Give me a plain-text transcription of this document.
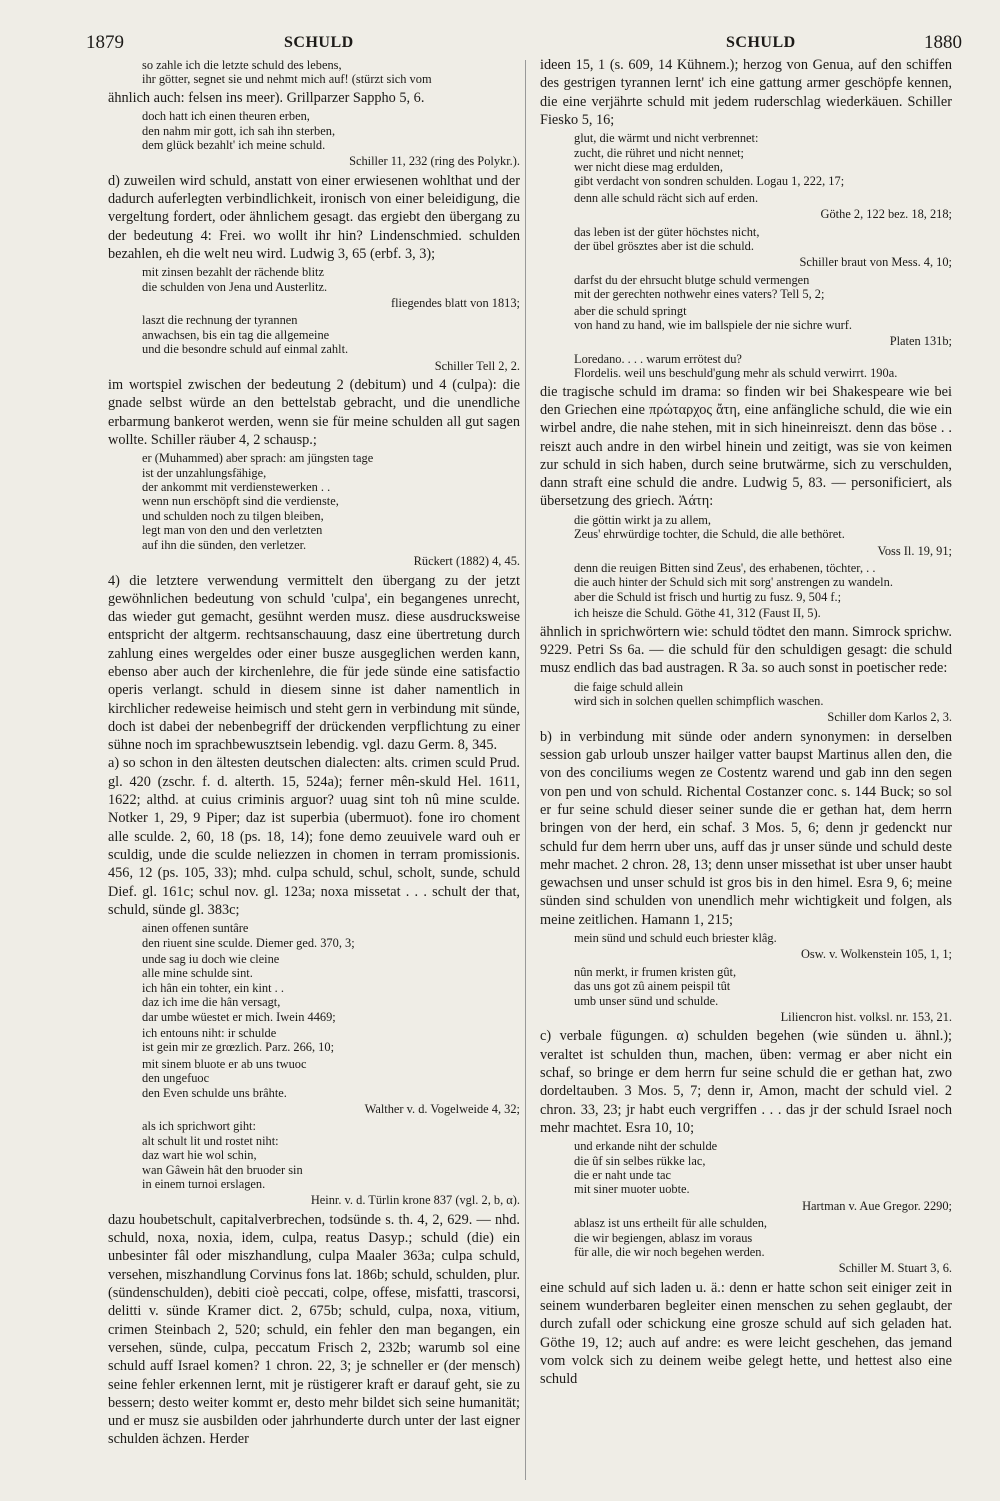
1879	SCHULD	SCHULD	1880
so zahle ich die letzte schuld des lebens,
ihr götter, segnet sie und nehmt mich auf! (stürzt sich vom
ähnlich auch: felsen ins meer). Grillparzer Sappho 5, 6.
doch hatt ich einen theuren erben,
den nahm mir gott, ich sah ihn sterben,
dem glück bezahlt' ich meine schuld.
Schiller 11, 232 (ring des Polykr.).
d) zuweilen wird schuld, anstatt von einer erwiesenen wohlthat und der dadurch auferlegten verbindlichkeit, ironisch von einer beleidigung, die vergeltung fordert, oder ähnlichem gesagt. das ergiebt den übergang zu der bedeutung 4: Frei. wo wollt ihr hin? Lindenschmied. schulden bezahlen, eh die welt neu wird. Ludwig 3, 65 (erbf. 3, 3);
mit zinsen bezahlt der rächende blitz
die schulden von Jena und Austerlitz.
fliegendes blatt von 1813;
laszt die rechnung der tyrannen
anwachsen, bis ein tag die allgemeine
und die besondre schuld auf einmal zahlt.
Schiller Tell 2, 2.
im wortspiel zwischen der bedeutung 2 (debitum) und 4 (culpa): die gnade selbst würde an den bettelstab gebracht, und die unendliche erbarmung bankerot werden, wenn sie für meine schulden all gut sagen wollte. Schiller räuber 4, 2 schausp.;
er (Muhammed) aber sprach: am jüngsten tage
ist der unzahlungsfähige,
der ankommt mit verdienstewerken . .
wenn nun erschöpft sind die verdienste,
und schulden noch zu tilgen bleiben,
legt man von den und den verletzten
auf ihn die sünden, den verletzer.
Rückert (1882) 4, 45.
4) die letztere verwendung vermittelt den übergang zu der jetzt gewöhnlichen bedeutung von schuld 'culpa', ein begangenes unrecht, das wieder gut gemacht, gesühnt werden musz. diese ausdrucksweise entspricht der altgerm. rechtsanschauung, dasz eine übertretung durch zahlung eines wergeldes oder einer busze ausgeglichen werden kann, ebenso aber auch der kirchenlehre, die für jede sünde eine satisfactio operis verlangt. schuld in diesem sinne ist daher namentlich in kirchlicher redeweise heimisch und steht gern in verbindung mit sünde, doch ist dabei der nebenbegriff der drückenden verpflichtung zu einer sühne noch im sprachbewusztsein lebendig. vgl. dazu Germ. 8, 345.
a) so schon in den ältesten deutschen dialecten: alts. crimen sculd Prud. gl. 420 (zschr. f. d. alterth. 15, 524a); ferner mên-skuld Hel. 1611, 1622; althd. at cuius criminis arguor? uuag sint toh nû mine sculde. Notker 1, 29, 9 Piper; daz ist superbia (ubermuot). fone iro choment alle sculde. 2, 60, 18 (ps. 18, 14); fone demo zeuuivele ward ouh er sculdig, unde die sculde neliezzen in chomen in terram promissionis. 456, 12 (ps. 105, 33); mhd. culpa schuld, schul, scholt, sunde, schuld Dief. gl. 161c; schul nov. gl. 123a; noxa missetat . . . schult der that, schuld, sünde gl. 383c;
ainen offenen suntâre
den riuent sine sculde. Diemer ged. 370, 3;
unde sag iu doch wie cleine
alle mine schulde sint.
ich hân ein tohter, ein kint . .
daz ich ime die hân versagt,
dar umbe wüestet er mich. Iwein 4469;
ich entouns niht: ir schulde
ist gein mir ze grœzlich. Parz. 266, 10;
mit sinem bluote er ab uns twuoc
den ungefuoc
den Even schulde uns brâhte.
Walther v. d. Vogelweide 4, 32;
als ich sprichwort giht:
alt schult lit und rostet niht:
daz wart hie wol schin,
wan Gâwein hât den bruoder sin
in einem turnoi erslagen.
Heinr. v. d. Türlin krone 837 (vgl. 2, b, α).
dazu houbetschult, capitalverbrechen, todsünde s. th. 4, 2, 629. — nhd. schuld, noxa, noxia, idem, culpa, reatus Dasyp.; schuld (die) ein unbesinter fâl oder miszhandlung, culpa Maaler 363a; culpa schuld, versehen, miszhandlung Corvinus fons lat. 186b; schuld, schulden, plur. (sündenschulden), debiti cioè peccati, colpe, offese, misfatti, trascorsi, delitti v. sünde Kramer dict. 2, 675b; schuld, culpa, noxa, vitium, crimen Steinbach 2, 520; schuld, ein fehler den man begangen, ein versehen, sünde, culpa, peccatum Frisch 2, 232b; warumb sol eine schuld auff Israel komen? 1 chron. 22, 3; je schneller er (der mensch) seine fehler erkennen lernt, mit je rüstigerer kraft er darauf geht, sie zu bessern; desto weiter kommt er, desto mehr bildet sich seine humanität; und er musz sie ausbilden oder jahrhunderte durch unter der last eigner schulden ächzen. Herder
ideen 15, 1 (s. 609, 14 Kühnem.); herzog von Genua, auf den schiffen des gestrigen tyrannen lernt' ich eine gattung armer geschöpfe kennen, die eine verjährte schuld mit jedem ruderschlag wiederkäuen. Schiller Fiesko 5, 16;
glut, die wärmt und nicht verbrennet:
zucht, die rühret und nicht nennet;
wer nicht diese mag erdulden,
gibt verdacht von sondren schulden. Logau 1, 222, 17;
denn alle schuld rächt sich auf erden.
Göthe 2, 122 bez. 18, 218;
das leben ist der güter höchstes nicht,
der übel grösztes aber ist die schuld.
Schiller braut von Mess. 4, 10;
darfst du der ehrsucht blutge schuld vermengen
mit der gerechten nothwehr eines vaters? Tell 5, 2;
aber die schuld springt
von hand zu hand, wie im ballspiele der nie sichre wurf.
Platen 131b;
Loredano. . . . warum errötest du?
Flordelis. weil uns beschuld'gung mehr als schuld verwirrt. 190a.
die tragische schuld im drama: so finden wir bei Shakespeare wie bei den Griechen eine πρώταρχος ἄτη, eine anfängliche schuld, die wie ein wirbel andre, die nahe stehen, mit in sich hineinreiszt. denn das böse . . reiszt auch andre in den wirbel hinein und zeitigt, was sie von keimen zur schuld in sich haben, durch seine brutwärme, sich zu verschulden, dann straft eine schuld die andre. Ludwig 5, 83. — personificiert, als übersetzung des griech. Ἀάτη:
die göttin wirkt ja zu allem,
Zeus' ehrwürdige tochter, die Schuld, die alle bethöret.
Voss Il. 19, 91;
denn die reuigen Bitten sind Zeus', des erhabenen, töchter, . .
die auch hinter der Schuld sich mit sorg' anstrengen zu wandeln.
aber die Schuld ist frisch und hurtig zu fusz. 9, 504 f.;
ich heisze die Schuld. Göthe 41, 312 (Faust II, 5).
ähnlich in sprichwörtern wie: schuld tödtet den mann. Simrock sprichw. 9229. Petri Ss 6a. — die schuld für den schuldigen gesagt: die schuld musz endlich das bad austragen. R 3a. so auch sonst in poetischer rede:
die faige schuld allein
wird sich in solchen quellen schimpflich waschen.
Schiller dom Karlos 2, 3.
b) in verbindung mit sünde oder andern synonymen: in derselben session gab urloub unszer hailger vatter baupst Martinus allen den, die von des conciliums wegen ze Costentz warend und gab inn den segen von pen und von schuld. Richental Costanzer conc. s. 144 Buck; so sol er fur seine schuld dieser seiner sunde die er gethan hat, dem herrn bringen von der herd, ein schaf. 3 Mos. 5, 6; denn jr gedenckt nur schuld fur dem herrn uber uns, auff das jr unser sünde und schuld deste mehr machet. 2 chron. 28, 13; denn unser missethat ist uber unser haubt gewachsen und unser schuld ist gros bis in den himel. Esra 9, 6; meine sünden sind schulden von unendlich mehr wichtigkeit und folgen, als meine zeitlichen. Hamann 1, 215;
mein sünd und schuld euch briester klâg.
Osw. v. Wolkenstein 105, 1, 1;
nûn merkt, ir frumen kristen gût,
das uns got zû ainem peispil tût
umb unser sünd und schulde.
Liliencron hist. volksl. nr. 153, 21.
c) verbale fügungen. α) schulden begehen (wie sünden u. ähnl.); veraltet ist schulden thun, machen, üben: vermag er aber nicht ein schaf, so bringe er dem herrn fur seine schuld die er gethan hat, zwo dordeltauben. 3 Mos. 5, 7; denn ir, Amon, macht der schuld viel. 2 chron. 33, 23; jr habt euch vergriffen . . . das jr der schuld Israel noch mehr machtet. Esra 10, 10;
und erkande niht der schulde
die ûf sin selbes rükke lac,
die er naht unde tac
mit siner muoter uobte.
Hartman v. Aue Gregor. 2290;
ablasz ist uns ertheilt für alle schulden,
die wir begiengen, ablasz im voraus
für alle, die wir noch begehen werden.
Schiller M. Stuart 3, 6.
eine schuld auf sich laden u. ä.: denn er hatte schon seit einiger zeit in seinem wunderbaren begleiter einen menschen zu sehen geglaubt, der durch zufall oder schickung eine grosze schuld auf sich geladen hat. Göthe 19, 12; auch auf andre: es were leicht geschehen, das jemand vom volck sich zu deinem weibe gelegt hette, und hettest also eine schuld
